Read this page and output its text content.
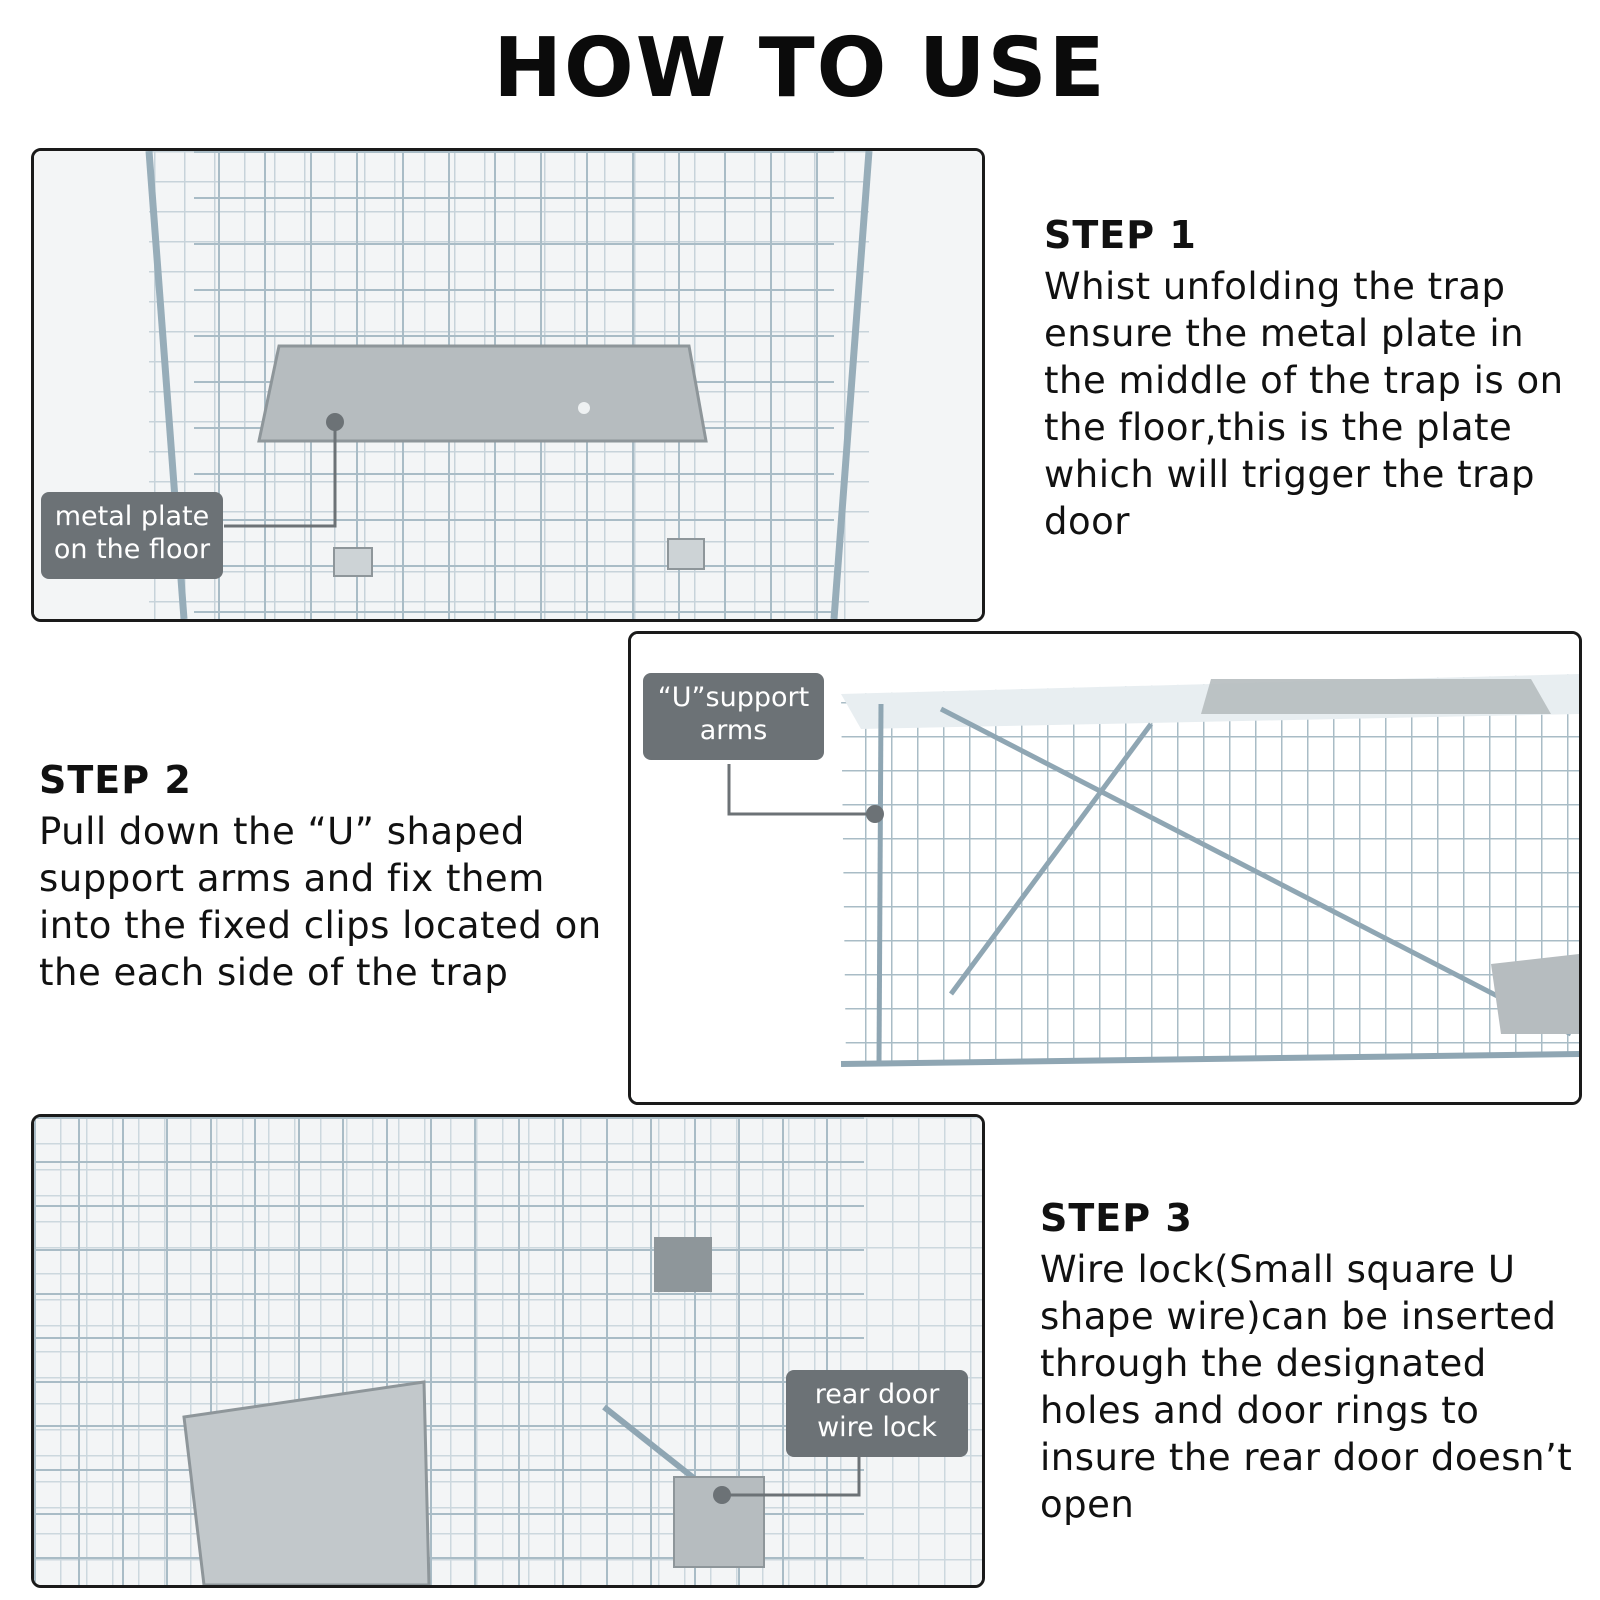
HOW TO USE
metal plate on the floor
STEP 1

Whist unfolding the trap ensure the metal plate in the middle of the trap is on the floor,this is the plate which will trigger the trap door

STEP 2

Pull down the “U” shaped support arms and fix them into the fixed clips located on the each side of the trap

“U”support arms
rear door wire lock
STEP 3

Wire lock(Small square U shape wire)can be inserted through the designated holes and door rings to insure the rear door doesn’t open
